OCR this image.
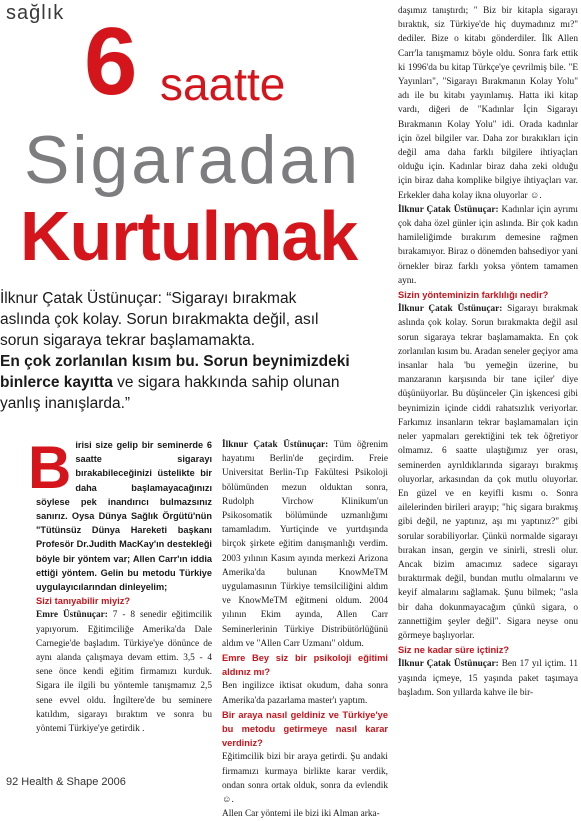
sağlık 6 saatte
Sigaradan
Kurtulmak
İlknur Çatak Üstünuçar: “Sigarayı bırakmak
aslında çok kolay. Sorun bırakmakta değil, asıl
sorun sigaraya tekrar başlamamakta.
En çok zorlanılan kısım bu. Sorun beynimizdeki
binlerce kayıtta ve sigara hakkında sahip olunan
yanlış inanışlarda.”

Birisi size gelip bir seminerde 6 saatte sigarayı bırakabileceğinizi üstelikte bir daha başlamayacağınızı söylese pek inandırıcı bulmazsınız sanırız. Oysa Dünya Sağlık Örgütü'nün "Tütünsüz Dünya Hareketi başkanı Profesör Dr.Judith MacKay'ın destekleği böyle bir yöntem var; Allen Carr'ın iddia ettiği yöntem. Gelin bu metodu Türkiye uygulayıcılarından dinleyelim;

Sizi tanıyabilir miyiz?

Emre Üstünuçar: 7 - 8 senedir eğitimcilik yapıyorum. Eğitimciliğe Amerika'da Dale Carnegie'de başladım. Türkiye'ye dönünce de aynı alanda çalışmaya devam ettim. 3,5 - 4 sene önce kendi eğitim firmamızı kurduk. Sigara ile ilgili bu yöntemle tanışmamız 2,5 sene evvel oldu. İngiltere'de bu seminere katıldım, sigarayı bıraktım ve sonra bu yöntemi Türkiye'ye getirdik .

İlknur Çatak Üstünuçar: Tüm öğrenim hayatımı Berlin'de geçirdim. Freie Universitat Berlin-Tıp Fakültesi Psikoloji bölümünden mezun olduktan sonra, Rudolph Virchow Klinikum'un Psikosomatik bölümünde uzmanlığımı tamamladım. Yurtiçinde ve yurtdışında birçok şirkete eğitim danışmanlığı verdim. 2003 yılının Kasım ayında merkezi Arizona Amerika'da bulunan KnowMeTM uygulamasının Türkiye temsilciliğini aldım ve KnowMeTM eğitmeni oldum. 2004 yılının Ekim ayında, Allen Carr Seminerlerinin Türkiye Distribütörlüğünü aldım ve "Allen Carr Uzmanı" oldum.

Emre Bey siz bir psikoloji eğitimi aldınız mı?

Ben ingilizce iktisat okudum, daha sonra Amerika'da pazarlama master'ı yaptım.

Bir araya nasıl geldiniz ve Türkiye'ye bu metodu getirmeye nasıl karar verdiniz?

Eğitimcilik bizi bir araya getirdi. Şu andaki firmamızı kurmaya birlikte karar verdik, ondan sonra ortak olduk, sonra da evlendik ☺.

Allen Car yöntemi ile bizi iki Alman arka-

daşımız tanıştırdı; " Biz bir kitapla sigarayı bıraktık, siz Türkiye'de hiç duymadınız mı?" dediler. Bize o kitabı gönderdiler. İlk Allen Carr'la tanışmamız böyle oldu. Sonra fark ettik ki 1996'da bu kitap Türkçe'ye çevrilmiş bile. "E Yayınları", "Sigarayı Bırakmanın Kolay Yolu" adı ile bu kitabı yayınlamış. Hatta iki kitap vardı, diğeri de "Kadınlar İçin Sigarayı Bırakmanın Kolay Yolu" idi. Orada kadınlar için özel bilgiler var. Daha zor bırakıkları için değil ama daha farklı bilgilere ihtiyaçları olduğu için. Kadınlar biraz daha zeki olduğu için biraz daha komplike bilgiye ihtiyaçları var. Erkekler daha kolay ikna oluyorlar ☺.

İlknur Çatak Üstünuçar: Kadınlar için ayrımı çok daha özel günler için aslında. Bir çok kadın hamileliğimde bırakırım demesine rağmen bırakamıyor. Biraz o dönemden bahsediyor yani örnekler biraz farklı yoksa yöntem tamamen aynı.

Sizin yönteminizin farklılığı nedir?

İlknur Çatak Üstünuçar: Sigarayı bırakmak aslında çok kolay. Sorun bırakmakta değil asıl sorun sigaraya tekrar başlamamakta. En çok zorlanılan kısım bu. Aradan seneler geçiyor ama insanlar hala 'bu yemeğin üzerine, bu manzaranın karşısında bir tane içiler' diye düşünüyorlar. Bu düşünceler Çin işkencesi gibi beynimizin içinde ciddi rahatsızlık veriyorlar. Farkımız insanların tekrar başlamamaları için neler yapmaları gerektiğini tek tek öğretiyor olmamız. 6 saatte ulaştığımız yer orası, seminerden ayrıldıklarında sigarayı bırakmış oluyorlar, arkasından da çok mutlu oluyorlar. En güzel ve en keyifli kısmı o. Sonra ailelerinden birileri arayıp; "hiç sigara bırakmış gibi değil, ne yaptınız, aşı mı yaptınız?" gibi sorular sorabiliyorlar. Çünkü normalde sigarayı bırakan insan, gergin ve sinirli, stresli olur. Ancak bizim amacımız sadece sigarayı bıraktırmak değil, bundan mutlu olmalarını ve keyif almalarını sağlamak. Şunu bilmek; "asla bir daha dokunmayacağım çünkü sigara, o zannettiğim şeyler değil". Sigara neyse onu görmeye başlıyorlar.

Siz ne kadar süre içtiniz?

İlknur Çatak Üstünuçar: Ben 17 yıl içtim. 11 yaşında içmeye, 15 yaşında paket taşımaya başladım. Son yıllarda kahve ile bir-

92 Health & Shape 2006
